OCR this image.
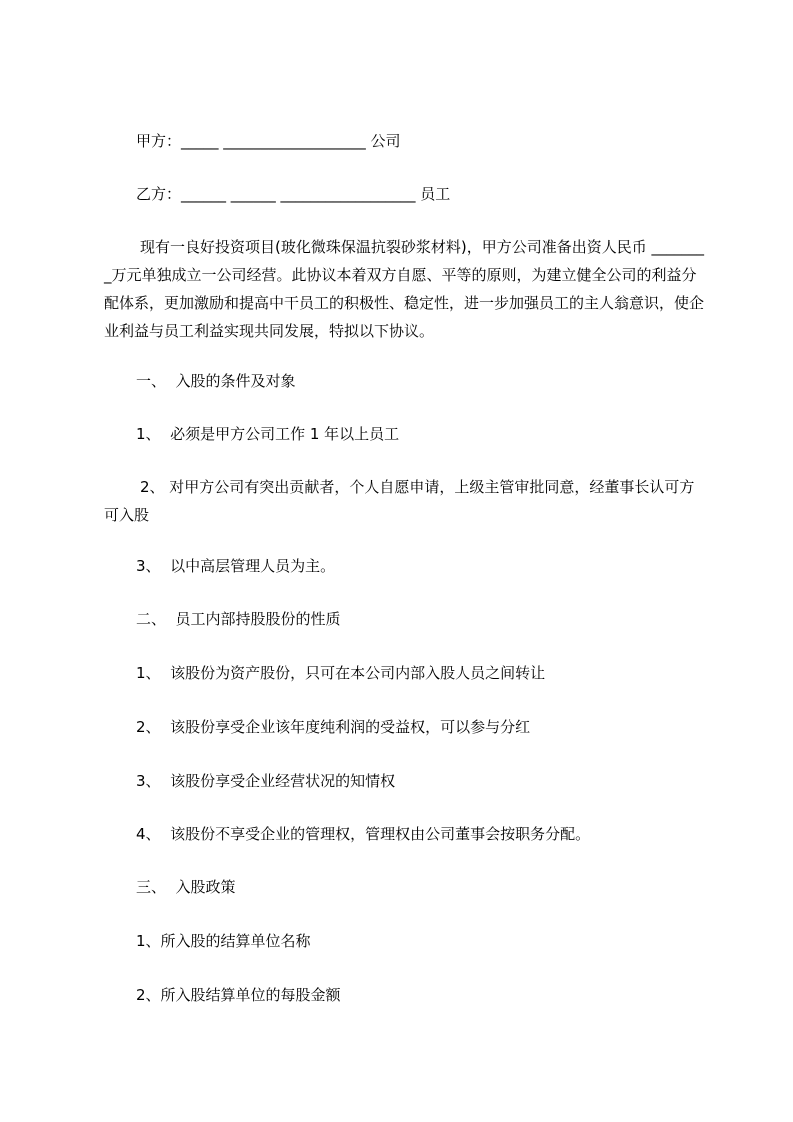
甲方：_____ ___________________ 公司
乙方：______ ______ __________________ 员工
现有一良好投资项目(玻化微珠保温抗裂砂浆材料)，甲方公司准备出资人民币 ________万元单独成立一公司经营。此协议本着双方自愿、平等的原则，为建立健全公司的利益分配体系，更加激励和提高中干员工的积极性、稳定性，进一步加强员工的主人翁意识，使企业利益与员工利益实现共同发展，特拟以下协议。
一、  入股的条件及对象
1、  必须是甲方公司工作 1 年以上员工
2、 对甲方公司有突出贡献者，个人自愿申请，上级主管审批同意，经董事长认可方可入股
3、  以中高层管理人员为主。
二、  员工内部持股股份的性质
1、  该股份为资产股份，只可在本公司内部入股人员之间转让
2、  该股份享受企业该年度纯利润的受益权，可以参与分红
3、  该股份享受企业经营状况的知情权
4、  该股份不享受企业的管理权，管理权由公司董事会按职务分配。
三、  入股政策
1、所入股的结算单位名称
2、所入股结算单位的每股金额
